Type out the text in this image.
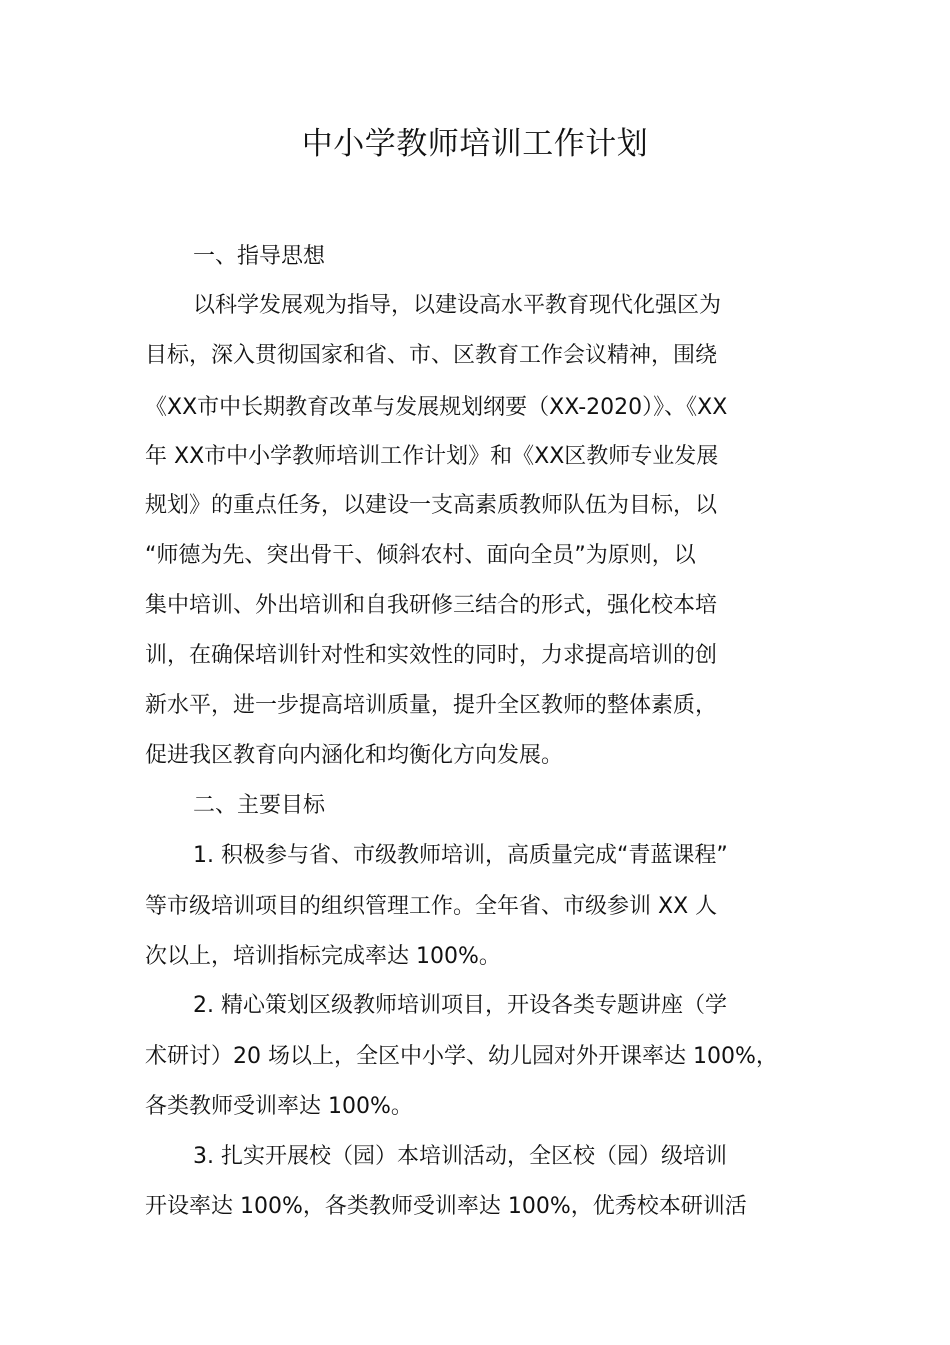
中小学教师培训工作计划
一、指导思想
以科学发展观为指导，以建设高水平教育现代化强区为
目标，深入贯彻国家和省、市、区教育工作会议精神，围绕
《XX市中长期教育改革与发展规划纲要（XX-2020）》、《XX
年 XX市中小学教师培训工作计划》和《XX区教师专业发展
规划》的重点任务，以建设一支高素质教师队伍为目标，以
“师德为先、突出骨干、倾斜农村、面向全员”为原则，以
集中培训、外出培训和自我研修三结合的形式，强化校本培
训，在确保培训针对性和实效性的同时，力求提高培训的创
新水平，进一步提高培训质量，提升全区教师的整体素质，
促进我区教育向内涵化和均衡化方向发展。
二、主要目标
1. 积极参与省、市级教师培训，高质量完成“青蓝课程”
等市级培训项目的组织管理工作。全年省、市级参训 XX 人
次以上，培训指标完成率达 100%。
2. 精心策划区级教师培训项目，开设各类专题讲座（学
术研讨）20 场以上，全区中小学、幼儿园对外开课率达 100%，
各类教师受训率达 100%。
3. 扎实开展校（园）本培训活动，全区校（园）级培训
开设率达 100%，各类教师受训率达 100%，优秀校本研训活
